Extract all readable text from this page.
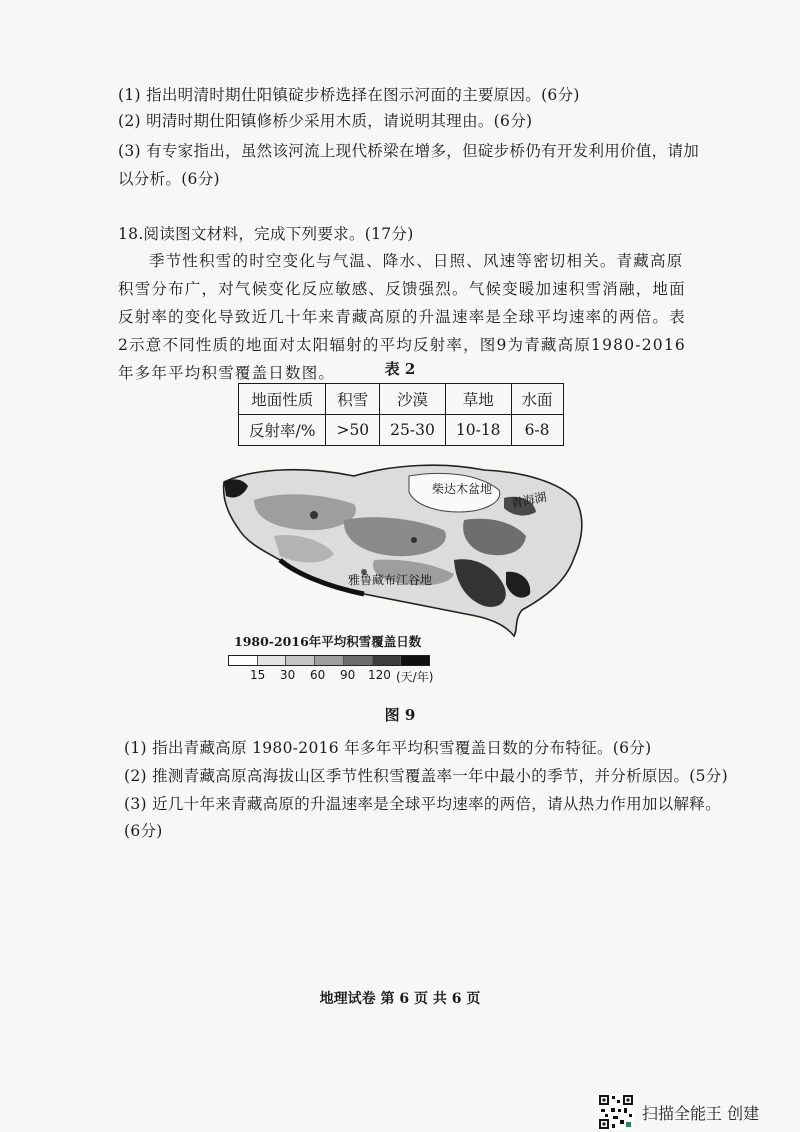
(1) 指出明清时期仕阳镇碇步桥选择在图示河面的主要原因。(6分)
(2) 明清时期仕阳镇修桥少采用木质，请说明其理由。(6分)
(3) 有专家指出，虽然该河流上现代桥梁在增多，但碇步桥仍有开发利用价值，请加
以分析。(6分)
18.阅读图文材料，完成下列要求。(17分)
季节性积雪的时空变化与气温、降水、日照、风速等密切相关。青藏高原积雪分布广，对气候变化反应敏感、反馈强烈。气候变暖加速积雪消融，地面反射率的变化导致近几十年来青藏高原的升温速率是全球平均速率的两倍。表2示意不同性质的地面对太阳辐射的平均反射率，图9为青藏高原1980-2016年多年平均积雪覆盖日数图。	表 2
地面性质	积雪	沙漠	草地	水面
反射率/%	>50	25-30	10-18	6-8
柴达木盆地
青海湖
雅鲁藏布江谷地
1980-2016年平均积雪覆盖日数
15 30 60 90 120 (天/年)
图 9
(1) 指出青藏高原 1980-2016 年多年平均积雪覆盖日数的分布特征。(6分)
(2) 推测青藏高原高海拔山区季节性积雪覆盖率一年中最小的季节，并分析原因。(5分)
(3) 近几十年来青藏高原的升温速率是全球平均速率的两倍，请从热力作用加以解释。
(6分)
地理试卷 第 6 页 共 6 页
扫描全能王 创建
